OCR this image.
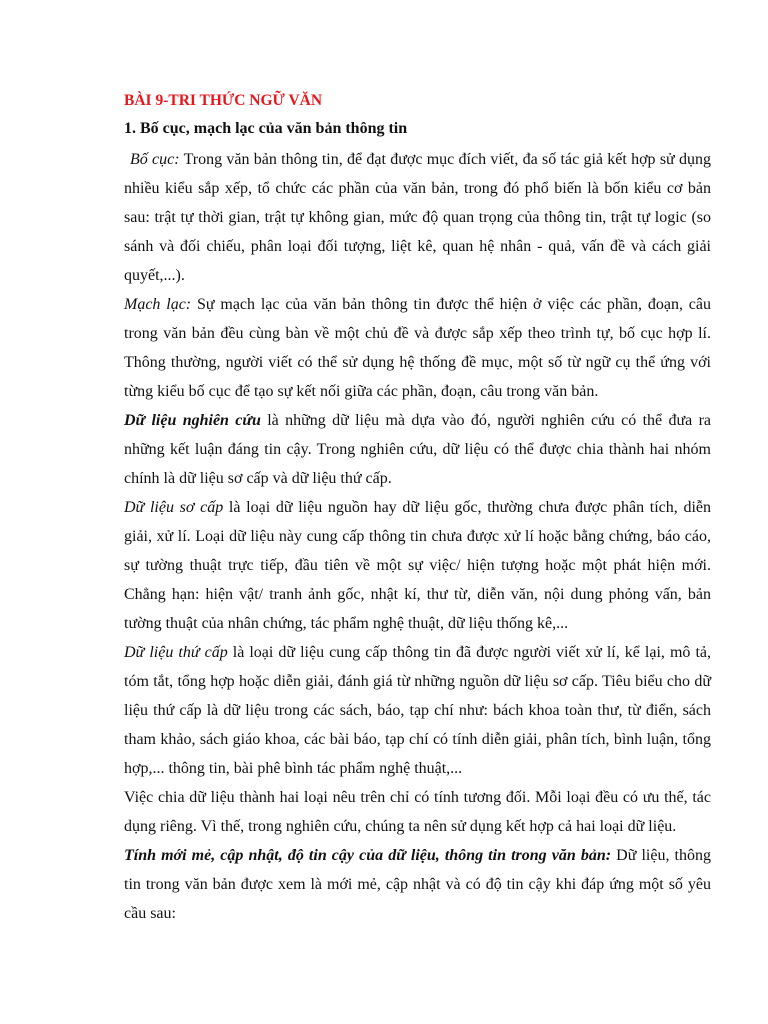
BÀI 9-TRI THỨC NGỮ VĂN
1. Bố cục, mạch lạc của văn bản thông tin

Bố cục: Trong văn bản thông tin, để đạt được mục đích viết, đa số tác giả kết hợp sử dụng nhiều kiểu sắp xếp, tổ chức các phần của văn bản, trong đó phổ biến là bốn kiểu cơ bản sau: trật tự thời gian, trật tự không gian, mức độ quan trọng của thông tin, trật tự logic (so sánh và đối chiếu, phân loại đối tượng, liệt kê, quan hệ nhân - quả, vấn đề và cách giải quyết,...).

Mạch lạc: Sự mạch lạc của văn bản thông tin được thể hiện ở việc các phần, đoạn, câu trong văn bản đều cùng bàn về một chủ đề và được sắp xếp theo trình tự, bố cục hợp lí. Thông thường, người viết có thể sử dụng hệ thống đề mục, một số từ ngữ cụ thể ứng với từng kiểu bố cục để tạo sự kết nối giữa các phần, đoạn, câu trong văn bản.

Dữ liệu nghiên cứu là những dữ liệu mà dựa vào đó, người nghiên cứu có thể đưa ra những kết luận đáng tin cậy. Trong nghiên cứu, dữ liệu có thể được chia thành hai nhóm chính là dữ liệu sơ cấp và dữ liệu thứ cấp.

Dữ liệu sơ cấp là loại dữ liệu nguồn hay dữ liệu gốc, thường chưa được phân tích, diễn giải, xử lí. Loại dữ liệu này cung cấp thông tin chưa được xử lí hoặc bằng chứng, báo cáo, sự tường thuật trực tiếp, đầu tiên về một sự việc/ hiện tượng hoặc một phát hiện mới. Chẳng hạn: hiện vật/ tranh ảnh gốc, nhật kí, thư từ, diễn văn, nội dung phỏng vấn, bản tường thuật của nhân chứng, tác phẩm nghệ thuật, dữ liệu thống kê,...

Dữ liệu thứ cấp là loại dữ liệu cung cấp thông tin đã được người viết xử lí, kể lại, mô tả, tóm tắt, tổng hợp hoặc diễn giải, đánh giá từ những nguồn dữ liệu sơ cấp. Tiêu biểu cho dữ liệu thứ cấp là dữ liệu trong các sách, báo, tạp chí như: bách khoa toàn thư, từ điển, sách tham khảo, sách giáo khoa, các bài báo, tạp chí có tính diễn giải, phân tích, bình luận, tổng hợp,... thông tin, bài phê bình tác phẩm nghệ thuật,...

Việc chia dữ liệu thành hai loại nêu trên chỉ có tính tương đối. Mỗi loại đều có ưu thế, tác dụng riêng. Vì thế, trong nghiên cứu, chúng ta nên sử dụng kết hợp cả hai loại dữ liệu.

Tính mới mẻ, cập nhật, độ tin cậy của dữ liệu, thông tin trong văn bản: Dữ liệu, thông tin trong văn bản được xem là mới mẻ, cập nhật và có độ tin cậy khi đáp ứng một số yêu cầu sau:
